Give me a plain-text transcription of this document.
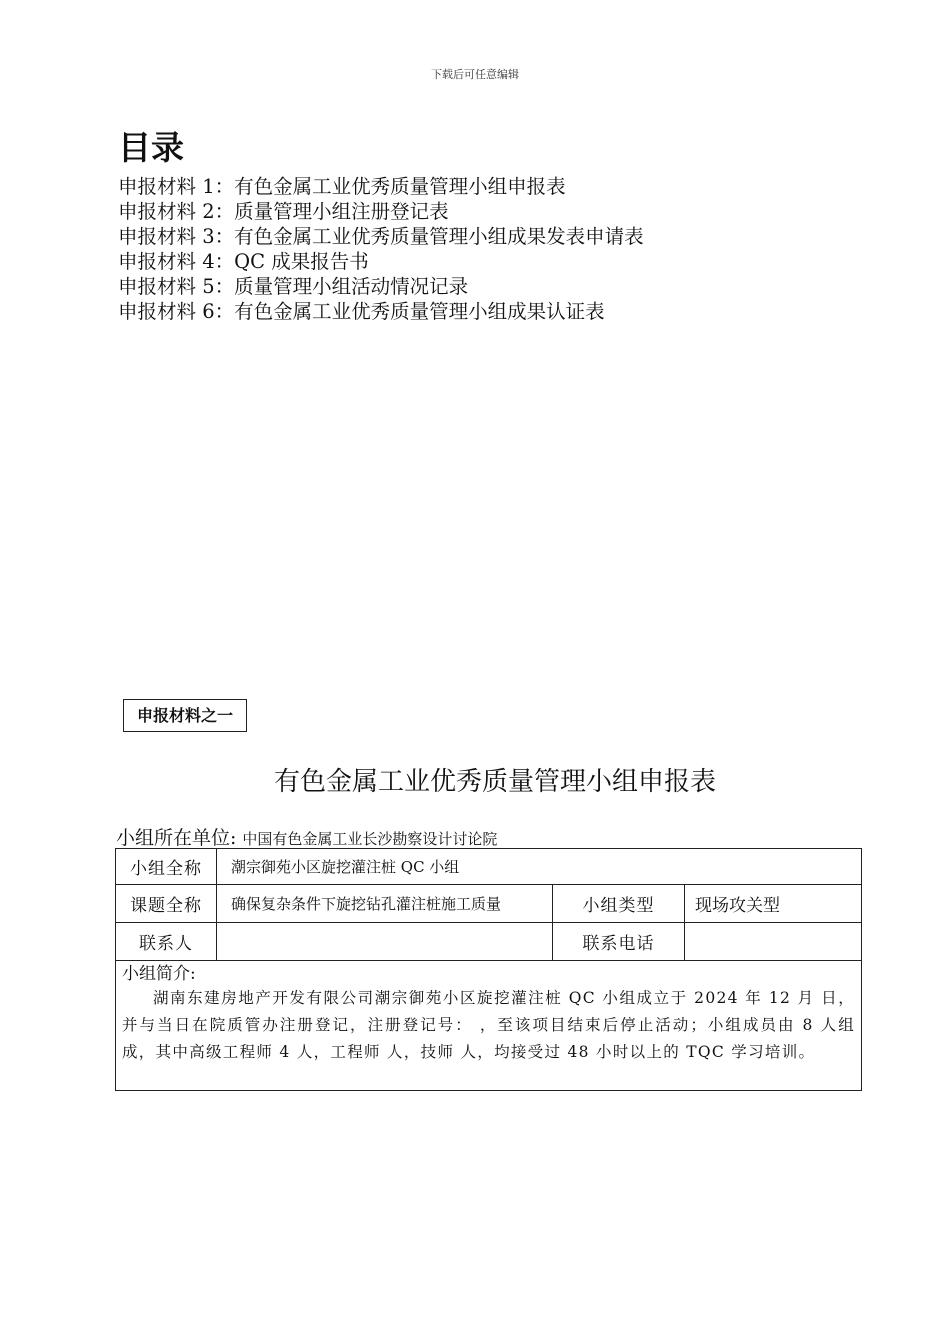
下载后可任意编辑
目录
申报材料 1：有色金属工业优秀质量管理小组申报表
申报材料 2：质量管理小组注册登记表
申报材料 3：有色金属工业优秀质量管理小组成果发表申请表
申报材料 4：QC 成果报告书
申报材料 5：质量管理小组活动情况记录
申报材料 6：有色金属工业优秀质量管理小组成果认证表
申报材料之一
有色金属工业优秀质量管理小组申报表
小组所在单位: 中国有色金属工业长沙勘察设计讨论院
小组全称	潮宗御苑小区旋挖灌注桩 QC 小组		
课题全称	确保复杂条件下旋挖钻孔灌注桩施工质量	小组类型	现场攻关型
联系人		联系电话	

小组简介:

湖南东建房地产开发有限公司潮宗御苑小区旋挖灌注桩 QC 小组成立于 2024 年 12 月 日，并与当日在院质管办注册登记，注册登记号： ，至该项目结束后停止活动；小组成员由 8 人组成，其中高级工程师 4 人，工程师 人，技师 人，均接受过 48 小时以上的 TQC 学习培训。			
